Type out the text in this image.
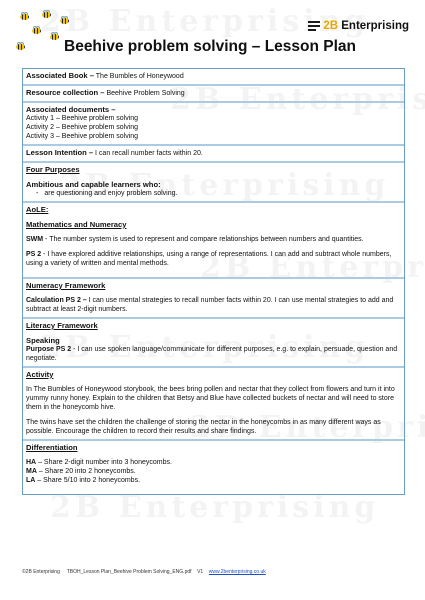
2B Enterprising
Beehive problem solving – Lesson Plan
Associated Book – The Bumbles of Honeywood
Resource collection – Beehive Problem Solving
Associated documents –
Activity 1 – Beehive problem solving
Activity 2 – Beehive problem solving
Activity 3 – Beehive problem solving
Lesson Intention – I can recall number facts within 20.
Four Purposes
Ambitious and capable learners who:
- are questioning and enjoy problem solving.
AoLE:
Mathematics and Numeracy

SWM - The number system is used to represent and compare relationships between numbers and quantities.

PS 2 - I have explored additive relationships, using a range of representations. I can add and subtract whole numbers, using a variety of written and mental methods.

Numeracy Framework

Calculation PS 2 – I can use mental strategies to recall number facts within 20. I can use mental strategies to add and subtract at least 2-digit numbers.

Literacy Framework
Speaking

Purpose PS 2 - I can use spoken language/communicate for different purposes, e.g. to explain, persuade, question and negotiate.

Activity

In The Bumbles of Honeywood storybook, the bees bring pollen and nectar that they collect from flowers and turn it into yummy runny honey. Explain to the children that Betsy and Blue have collected buckets of nectar and will need to store them in the honeycomb hive.

The twins have set the children the challenge of storing the nectar in the honeycombs in as many different ways as possible. Encourage the children to record their results and share findings.

Differentiation

HA – Share 2-digit number into 3 honeycombs.

MA – Share 20 into 2 honeycombs.

LA – Share 5/10 into 2 honeycombs.

©2B Enterprising TBOH_Lesson Plan_Beehive Problem Solving_ENG.pdf V1 www.2benterprising.co.uk
